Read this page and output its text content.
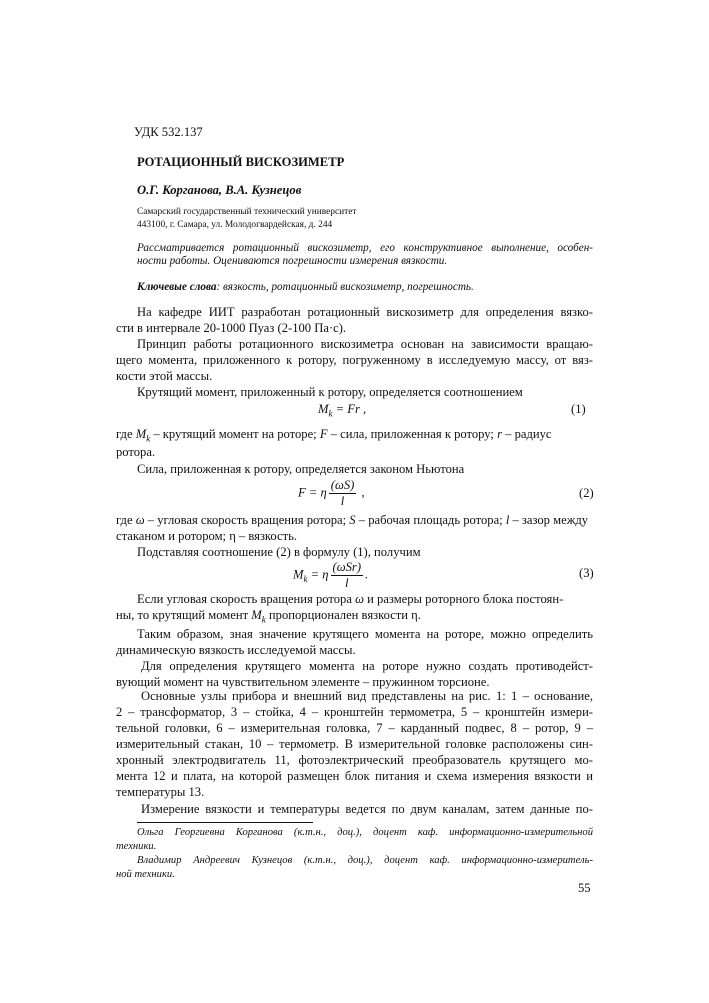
УДК 532.137
РОТАЦИОННЫЙ ВИСКОЗИМЕТР
О.Г. Корганова, В.А. Кузнецов
Самарский государственный технический университет
443100, г. Самара, ул. Молодогвардейская, д. 244
Рассматривается ротационный вискозиметр, его конструктивное выполнение, особен-
ности работы. Оцениваются погрешности измерения вязкости.
Ключевые слова: вязкость, ротационный вискозиметр, погрешность.
На кафедре ИИТ разработан ротационный вискозиметр для определения вязко-
сти в интервале 20-1000 Пуаз (2-100 Па·с).
Принцип работы ротационного вискозиметра основан на зависимости вращаю-
щего момента, приложенного к ротору, погруженному в исследуемую массу, от вяз-
кости этой массы.
Крутящий момент, приложенный к ротору, определяется соотношением
$M_k = Fr$ ,	(1)
где $M_k$ – крутящий момент на роторе; F – сила, приложенная к ротору; r – радиус
ротора.
Сила, приложенная к ротору, определяется законом Ньютона
F = η $\frac{(\omega S)}{l}$ ,	(2)
где ω – угловая скорость вращения ротора; S – рабочая площадь ротора; l – зазор между
стаканом и ротором; η – вязкость.
Подставляя соотношение (2) в формулу (1), получим
$M_k = \eta \frac{\text{(ωSr)}}{l}$ .	(3)
Если угловая скорость вращения ротора ω и размеры роторного блока постоян-
ны, то крутящий момент $M_k$ пропорционален вязкости η.
Таким образом, зная значение крутящего момента на роторе, можно определить
динамическую вязкость исследуемой массы.
Для определения крутящего момента на роторе нужно создать противодейст-
вующий момент на чувствительном элементе – пружинном торсионе.
Основные узлы прибора и внешний вид представлены на рис. 1: 1 – основание,
2 – трансформатор, 3 – стойка, 4 – кронштейн термометра, 5 – кронштейн измери-
тельной головки, 6 – измерительная головка, 7 – карданный подвес, 8 – ротор, 9 –
измерительный стакан, 10 – термометр. В измерительной головке расположены син-
хронный электродвигатель 11, фотоэлектрический преобразователь крутящего мо-
мента 12 и плата, на которой размещен блок питания и схема измерения вязкости и
температуры 13.
Измерение вязкости и температуры ведется по двум каналам, затем данные по-
Ольга Георгиевна Корганова (к.т.н., доц.), доцент каф. информационно-измерительной
техники.
Владимир Андреевич Кузнецов (к.т.н., доц.), доцент каф. информационно-измеритель-
ной техники.
55
